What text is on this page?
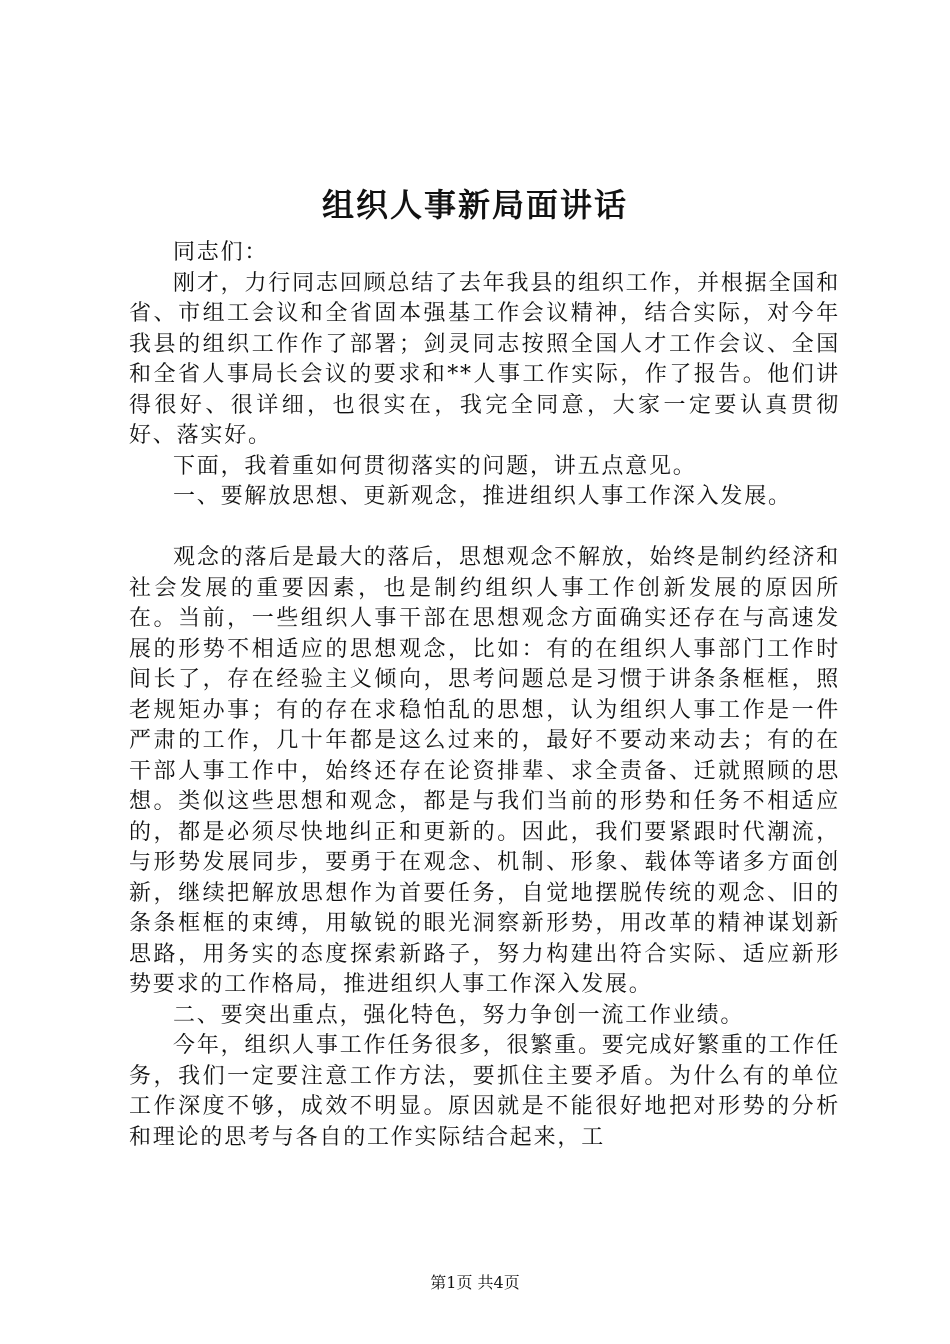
组织人事新局面讲话

同志们：

刚才，力行同志回顾总结了去年我县的组织工作，并根据全国和省、市组工会议和全省固本强基工作会议精神，结合实际，对今年我县的组织工作作了部署；剑灵同志按照全国人才工作会议、全国和全省人事局长会议的要求和**人事工作实际，作了报告。他们讲得很好、很详细，也很实在，我完全同意，大家一定要认真贯彻好、落实好。

下面，我着重如何贯彻落实的问题，讲五点意见。

一、要解放思想、更新观念，推进组织人事工作深入发展。

观念的落后是最大的落后，思想观念不解放，始终是制约经济和社会发展的重要因素，也是制约组织人事工作创新发展的原因所在。当前，一些组织人事干部在思想观念方面确实还存在与高速发展的形势不相适应的思想观念，比如：有的在组织人事部门工作时间长了，存在经验主义倾向，思考问题总是习惯于讲条条框框，照老规矩办事；有的存在求稳怕乱的思想，认为组织人事工作是一件严肃的工作，几十年都是这么过来的，最好不要动来动去；有的在干部人事工作中，始终还存在论资排辈、求全责备、迁就照顾的思想。类似这些思想和观念，都是与我们当前的形势和任务不相适应的，都是必须尽快地纠正和更新的。因此，我们要紧跟时代潮流，与形势发展同步，要勇于在观念、机制、形象、载体等诸多方面创新，继续把解放思想作为首要任务，自觉地摆脱传统的观念、旧的条条框框的束缚，用敏锐的眼光洞察新形势，用改革的精神谋划新思路，用务实的态度探索新路子，努力构建出符合实际、适应新形势要求的工作格局，推进组织人事工作深入发展。

二、要突出重点，强化特色，努力争创一流工作业绩。

今年，组织人事工作任务很多，很繁重。要完成好繁重的工作任务，我们一定要注意工作方法，要抓住主要矛盾。为什么有的单位工作深度不够，成效不明显。原因就是不能很好地把对形势的分析和理论的思考与各自的工作实际结合起来，工

第1页 共4页
